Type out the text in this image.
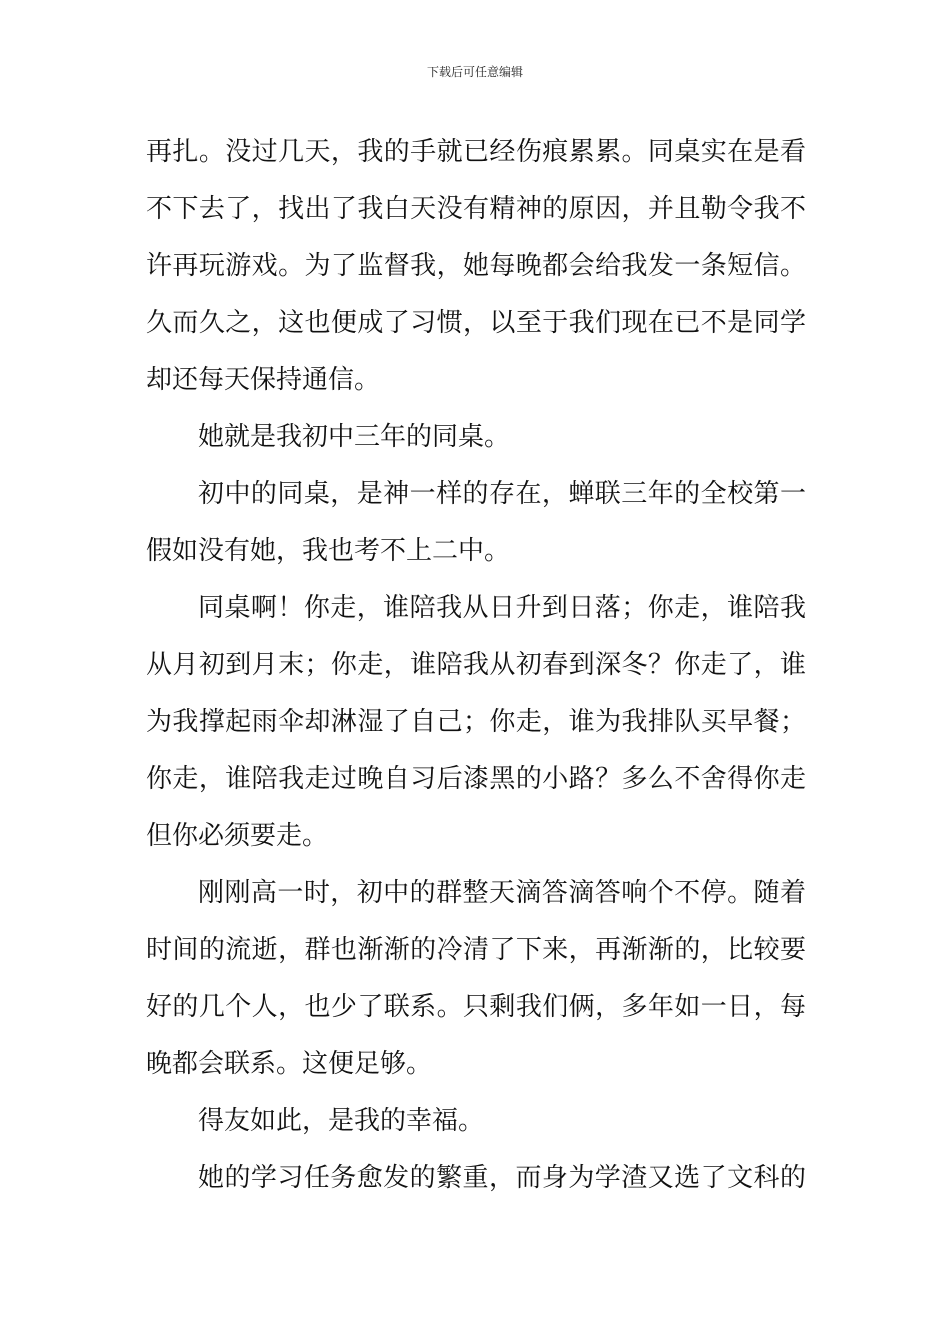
下载后可任意编辑
再扎。没过几天，我的手就已经伤痕累累。同桌实在是看
不下去了，找出了我白天没有精神的原因，并且勒令我不
许再玩游戏。为了监督我，她每晚都会给我发一条短信。
久而久之，这也便成了习惯，以至于我们现在已不是同学
却还每天保持通信。
她就是我初中三年的同桌。
初中的同桌，是神一样的存在，蝉联三年的全校第一
假如没有她，我也考不上二中。
同桌啊！你走，谁陪我从日升到日落；你走，谁陪我
从月初到月末；你走，谁陪我从初春到深冬？你走了，谁
为我撑起雨伞却淋湿了自己；你走，谁为我排队买早餐；
你走，谁陪我走过晚自习后漆黑的小路？多么不舍得你走
但你必须要走。
刚刚高一时，初中的群整天滴答滴答响个不停。随着
时间的流逝，群也渐渐的冷清了下来，再渐渐的，比较要
好的几个人，也少了联系。只剩我们俩，多年如一日，每
晚都会联系。这便足够。
得友如此，是我的幸福。
她的学习任务愈发的繁重，而身为学渣又选了文科的
